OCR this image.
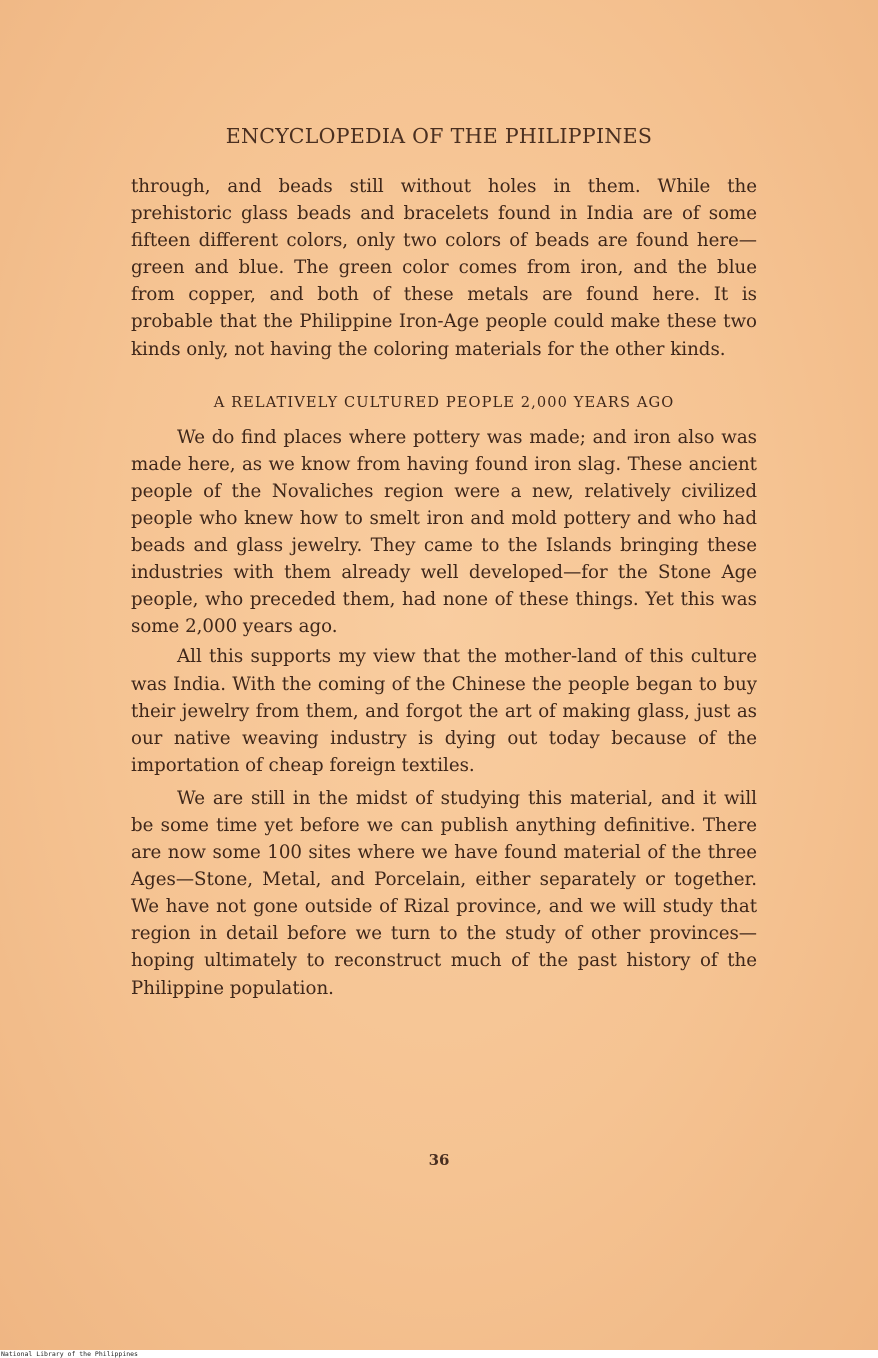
ENCYCLOPEDIA OF THE PHILIPPINES

through, and beads still without holes in them. While the prehistoric glass beads and bracelets found in India are of some fifteen different colors, only two colors of beads are found here—green and blue. The green color comes from iron, and the blue from copper, and both of these metals are found here. It is probable that the Philippine Iron-Age people could make these two kinds only, not having the coloring materials for the other kinds.

A RELATIVELY CULTURED PEOPLE 2,000 YEARS AGO

We do find places where pottery was made; and iron also was made here, as we know from having found iron slag. These ancient people of the Novaliches region were a new, relatively civilized people who knew how to smelt iron and mold pottery and who had beads and glass jewelry. They came to the Islands bringing these industries with them already well developed—for the Stone Age people, who preceded them, had none of these things. Yet this was some 2,000 years ago.

All this supports my view that the mother-land of this culture was India. With the coming of the Chinese the people began to buy their jewelry from them, and forgot the art of making glass, just as our native weaving industry is dying out today because of the importation of cheap foreign textiles.

We are still in the midst of studying this material, and it will be some time yet before we can publish anything definitive. There are now some 100 sites where we have found material of the three Ages—Stone, Metal, and Porcelain, either separately or together. We have not gone outside of Rizal province, and we will study that region in detail before we turn to the study of other provinces—hoping ultimately to reconstruct much of the past history of the Philippine population.

36
National Library of the Philippines
